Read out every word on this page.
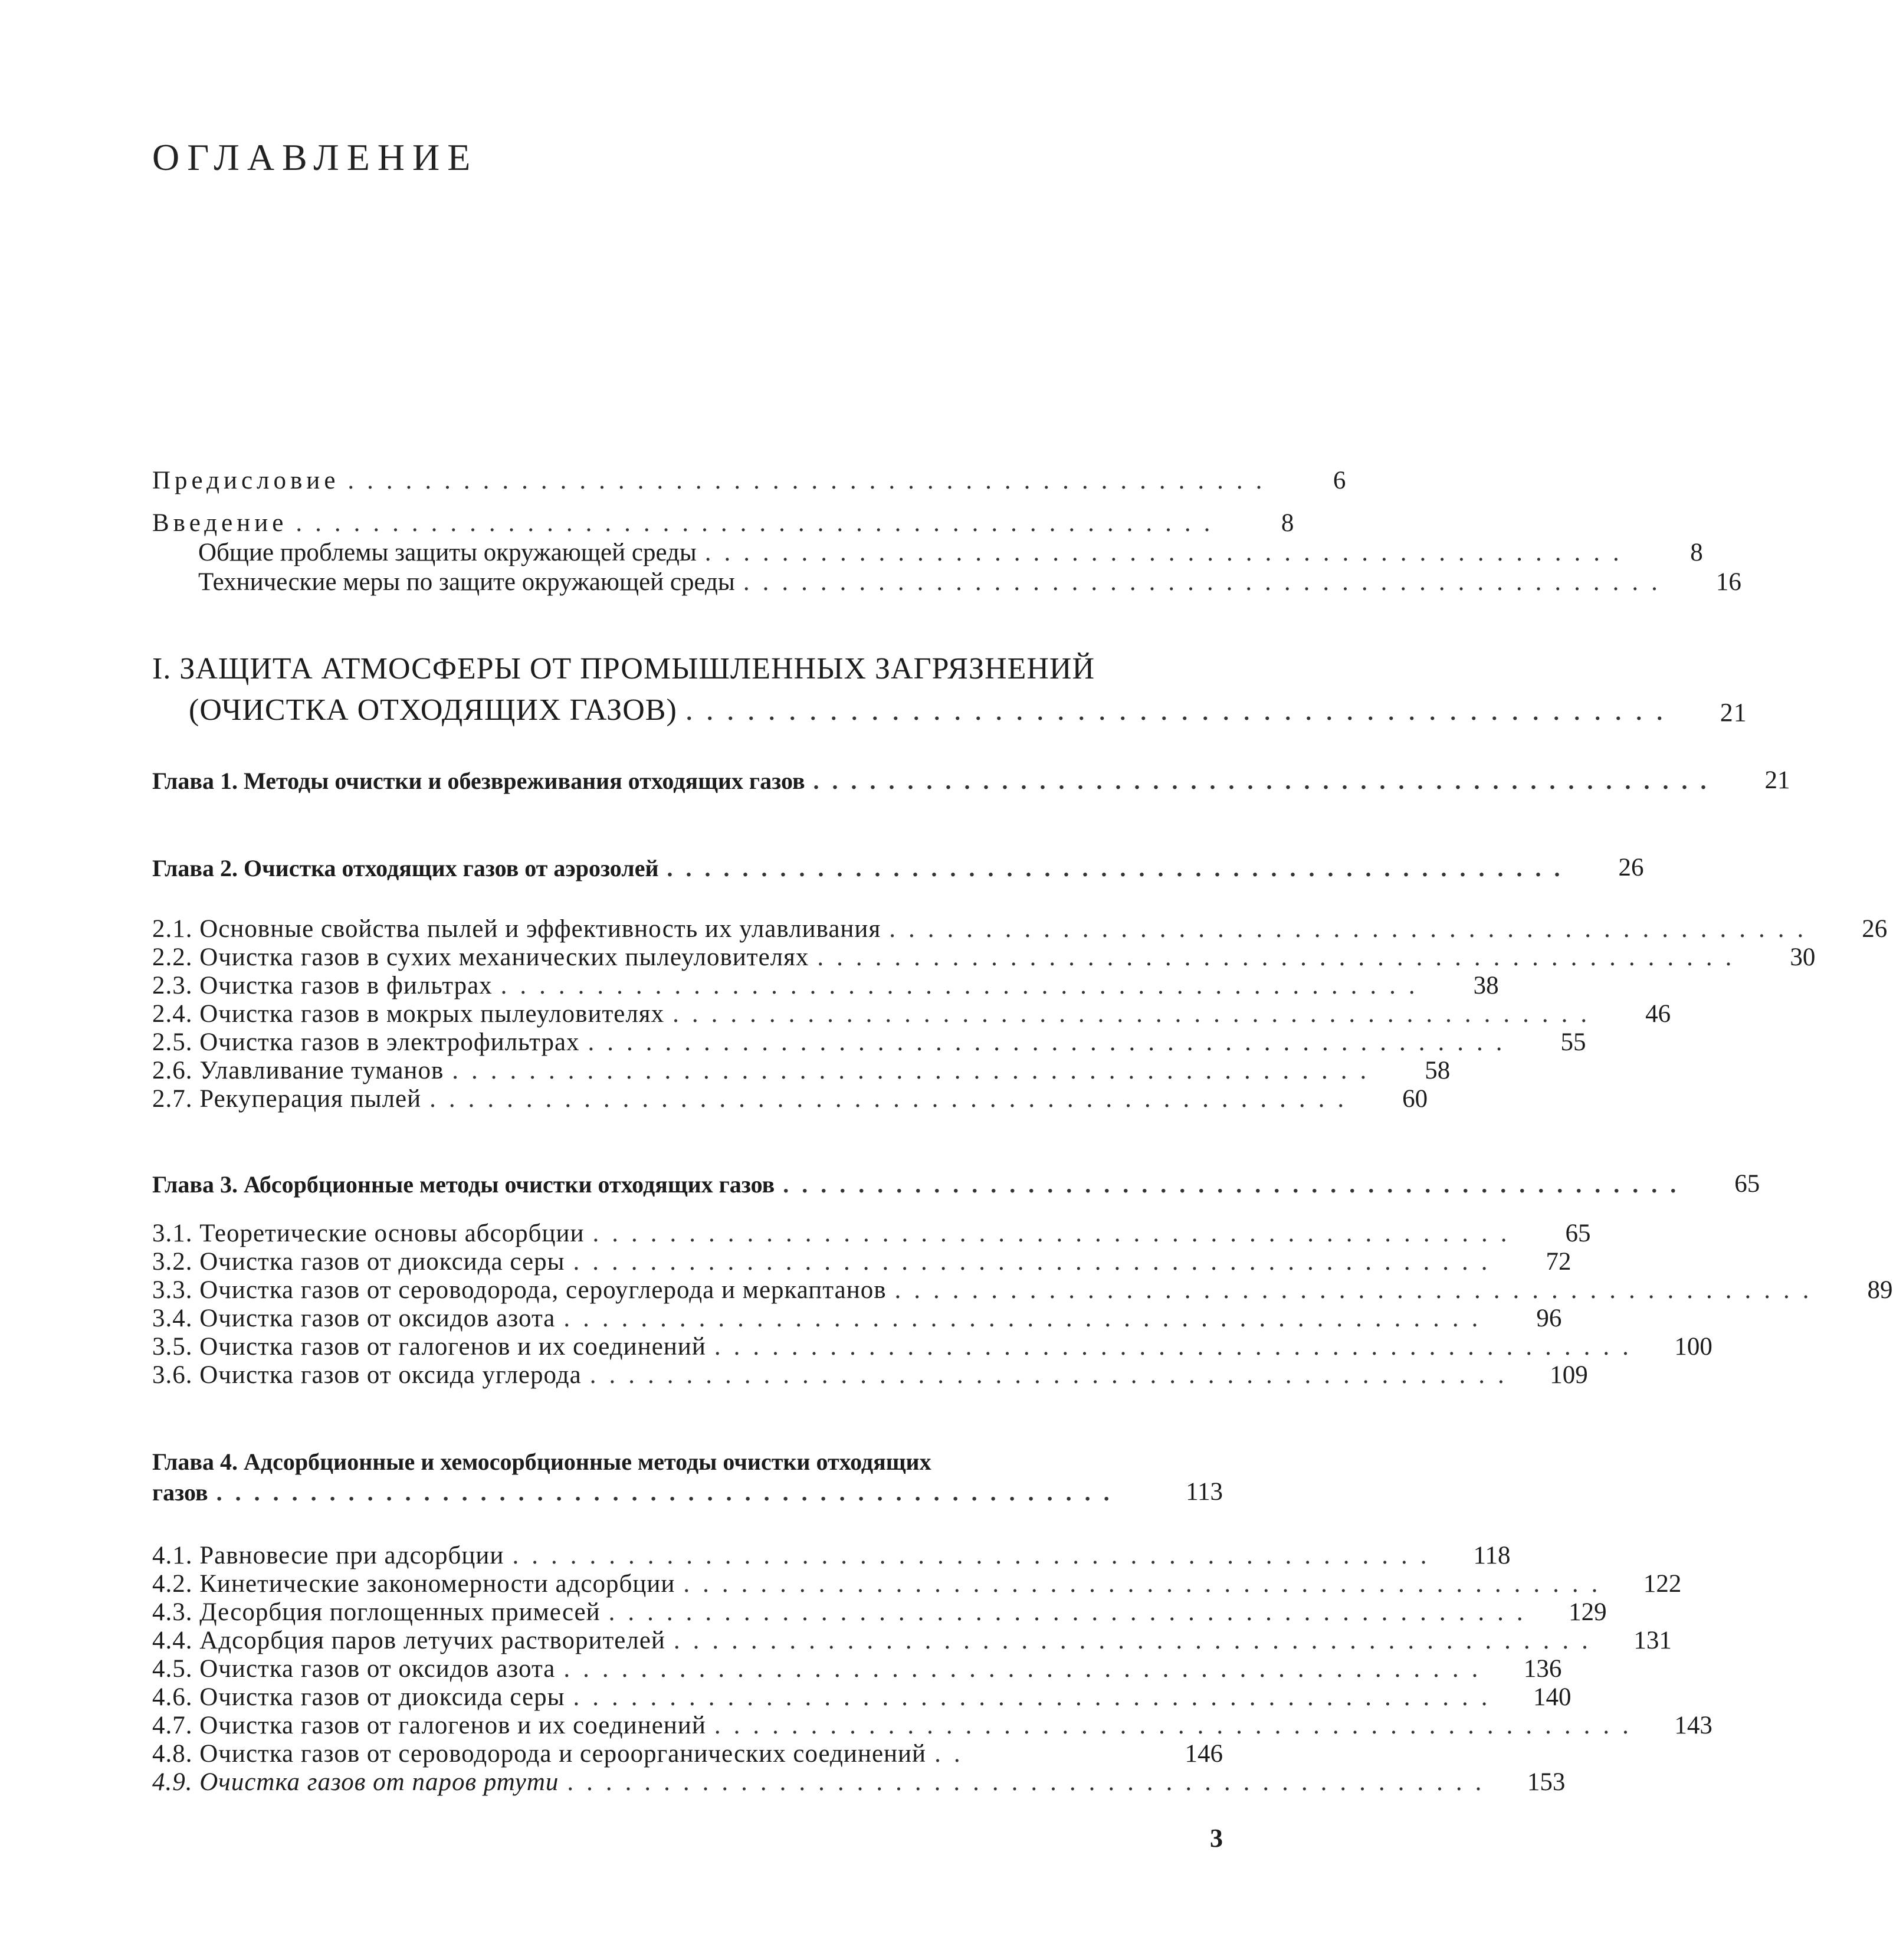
ОГЛАВЛЕНИЕ
Предисловие ................................................	6
Введение ................................................	8
Общие проблемы защиты окружающей среды ................................................	8
Технические меры по защите окружающей среды ................................................	16
I. ЗАЩИТА АТМОСФЕРЫ ОТ ПРОМЫШЛЕННЫХ ЗАГРЯЗНЕНИЙ
(ОЧИСТКА ОТХОДЯЩИХ ГАЗОВ) ................................................	21
Глава 1. Методы очистки и обезвреживания отходящих газов ................................................	21
Глава 2. Очистка отходящих газов от аэрозолей ................................................	26
2.1. Основные свойства пылей и эффективность их улавливания ................................................	26
2.2. Очистка газов в сухих механических пылеуловителях ................................................	30
2.3. Очистка газов в фильтрах ................................................	38
2.4. Очистка газов в мокрых пылеуловителях ................................................	46
2.5. Очистка газов в электрофильтрах ................................................	55
2.6. Улавливание туманов ................................................	58
2.7. Рекуперация пылей ................................................	60
Глава 3. Абсорбционные методы очистки отходящих газов ................................................	65
3.1. Теоретические основы абсорбции ................................................	65
3.2. Очистка газов от диоксида серы ................................................	72
3.3. Очистка газов от сероводорода, сероуглерода и меркаптанов ................................................	89
3.4. Очистка газов от оксидов азота ................................................	96
3.5. Очистка газов от галогенов и их соединений ................................................	100
3.6. Очистка газов от оксида углерода ................................................	109
Глава 4. Адсорбционные и хемосорбционные методы очистки отходящих
газов ................................................	113
4.1. Равновесие при адсорбции ................................................	118
4.2. Кинетические закономерности адсорбции ................................................	122
4.3. Десорбция поглощенных примесей ................................................	129
4.4. Адсорбция паров летучих растворителей ................................................	131
4.5. Очистка газов от оксидов азота ................................................	136
4.6. Очистка газов от диоксида серы ................................................	140
4.7. Очистка газов от галогенов и их соединений ................................................	143
4.8. Очистка газов от сероводорода и сероорганических соединений ..	146
4.9. Очистка газов от паров ртути ................................................	153
3
